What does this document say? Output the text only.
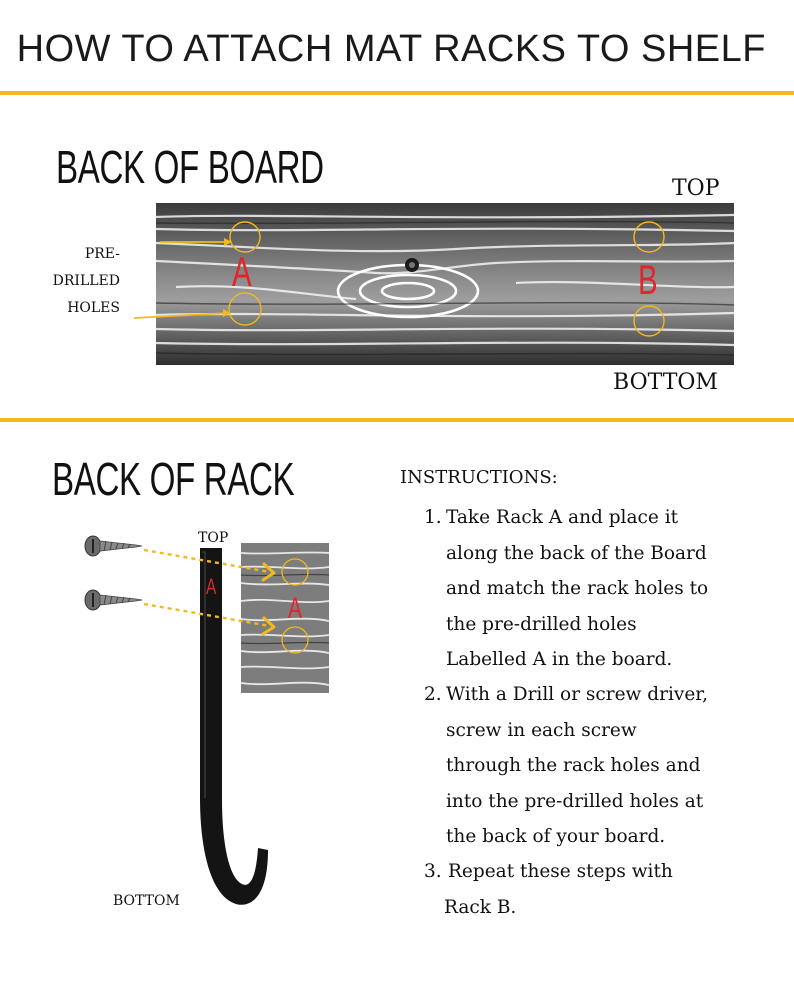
HOW TO ATTACH MAT RACKS TO SHELF
BACK OF BOARD	TOP
PRE-
DRILLED
HOLES
A	B
BOTTOM
BACK OF RACK
TOP
BOTTOM
A
A
INSTRUCTIONS:
1. Take Rack A and place it
along the back of the Board
and match the rack holes to
the pre-drilled holes
Labelled A in the board.
2. With a Drill or screw driver,
screw in each screw
through the rack holes and
into the pre-drilled holes at
the back of your board.
3. Repeat these steps with
Rack B.
